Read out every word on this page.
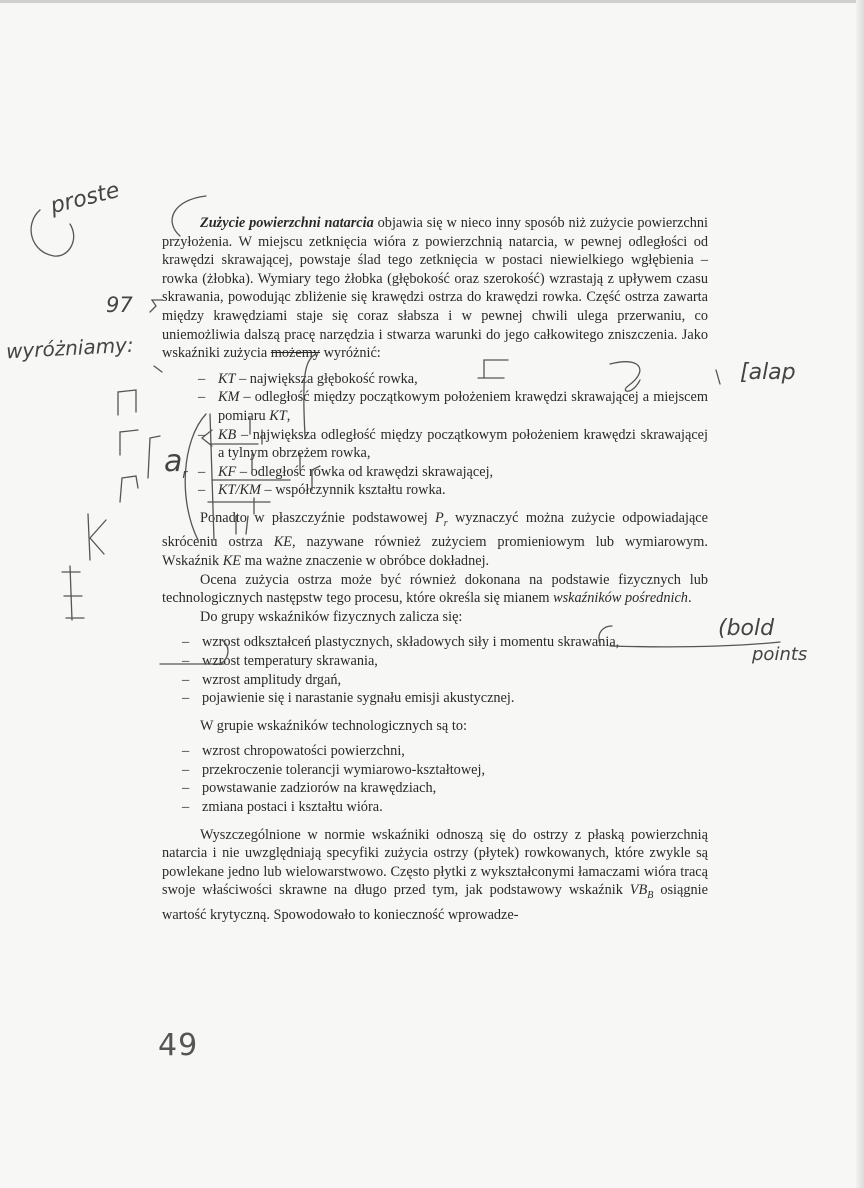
Zużycie powierzchni natarcia objawia się w nieco inny sposób niż zużycie powierzchni przyłożenia. W miejscu zetknięcia wióra z powierzchnią natarcia, w pewnej odległości od krawędzi skrawającej, powstaje ślad tego zetknięcia w postaci niewielkiego wgłębienia – rowka (żłobka). Wymiary tego żłobka (głębokość oraz szerokość) wzrastają z upływem czasu skrawania, powodując zbliżenie się krawędzi ostrza do krawędzi rowka. Część ostrza zawarta między krawędziami staje się coraz słabsza i w pewnej chwili ulega przerwaniu, co uniemożliwia dalszą pracę narzędzia i stwarza warunki do jego całkowitego zniszczenia. Jako wskaźniki zużycia możemy wyróżnić:

– KT – największa głębokość rowka,
– KM – odległość między początkowym położeniem krawędzi skrawającej a miejscem pomiaru KT,
– KB – największa odległość między początkowym położeniem krawędzi skrawającej a tylnym obrzeżem rowka,
– KF – odległość rowka od krawędzi skrawającej,
– KT/KM – współczynnik kształtu rowka.

Ponadto w płaszczyźnie podstawowej $P_r$ wyznaczyć można zużycie odpowiadające skróceniu ostrza KE, nazywane również zużyciem promieniowym lub wymiarowym. Wskaźnik KE ma ważne znaczenie w obróbce dokładnej.

Ocena zużycia ostrza może być również dokonana na podstawie fizycznych lub technologicznych następstw tego procesu, które określa się mianem wskaźników pośrednich.

Do grupy wskaźników fizycznych zalicza się:

– wzrost odkształceń plastycznych, składowych siły i momentu skrawania,
– wzrost temperatury skrawania,
– wzrost amplitudy drgań,
– pojawienie się i narastanie sygnału emisji akustycznej.

W grupie wskaźników technologicznych są to:

– wzrost chropowatości powierzchni,
– przekroczenie tolerancji wymiarowo-kształtowej,
– powstawanie zadziorów na krawędziach,
– zmiana postaci i kształtu wióra.

Wyszczególnione w normie wskaźniki odnoszą się do ostrzy z płaską powierzchnią natarcia i nie uwzględniają specyfiki zużycia ostrzy (płytek) rowkowanych, które zwykle są powlekane jedno lub wielowarstwowo. Często płytki z wykształconymi łamaczami wióra tracą swoje właściwości skrawne na długo przed tym, jak podstawowy wskaźnik $VB_B$ osiągnie wartość krytyczną. Spowodowało to konieczność wprowadze-

proste
97
wyróżniamy:
$a_r$
[alap
(bold
points
49
